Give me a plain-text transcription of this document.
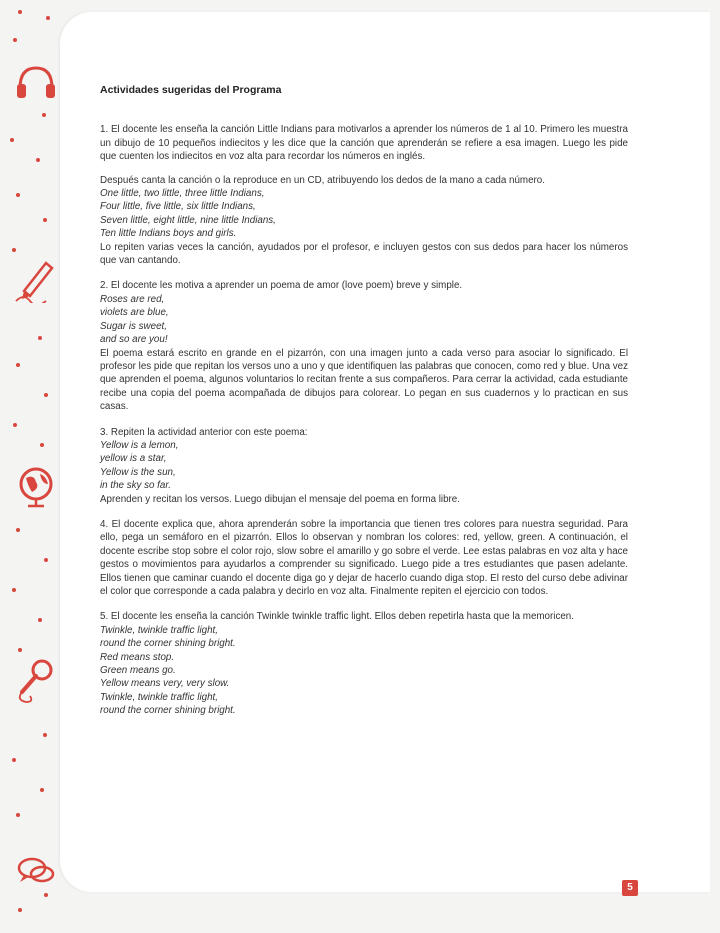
Actividades sugeridas del Programa

1. El docente les enseña la canción Little Indians para motivarlos a aprender los números de 1 al 10. Primero les muestra un dibujo de 10 pequeños indiecitos y les dice que la canción que aprenderán se refiere a esa imagen. Luego les pide que cuenten los indiecitos en voz alta para recordar los números en inglés.

Después canta la canción o la reproduce en un CD, atribuyendo los dedos de la mano a cada número.

One little, two little, three little Indians,

Four little, five little, six little Indians,

Seven little, eight little, nine little Indians,

Ten little Indians boys and girls.

Lo repiten varias veces la canción, ayudados por el profesor, e incluyen gestos con sus dedos para hacer los números que van cantando.

2. El docente les motiva a aprender un poema de amor (love poem) breve y simple.

Roses are red,

violets are blue,

Sugar is sweet,

and so are you!

El poema estará escrito en grande en el pizarrón, con una imagen junto a cada verso para asociar lo significado. El profesor les pide que repitan los versos uno a uno y que identifiquen las palabras que conocen, como red y blue. Una vez que aprenden el poema, algunos voluntarios lo recitan frente a sus compañeros. Para cerrar la actividad, cada estudiante recibe una copia del poema acompañada de dibujos para colorear. Lo pegan en sus cuadernos y lo practican en sus casas.

3. Repiten la actividad anterior con este poema:

Yellow is a lemon,

yellow is a star,

Yellow is the sun,

in the sky so far.

Aprenden y recitan los versos. Luego dibujan el mensaje del poema en forma libre.

4. El docente explica que, ahora aprenderán sobre la importancia que tienen tres colores para nuestra seguridad. Para ello, pega un semáforo en el pizarrón. Ellos lo observan y nombran los colores: red, yellow, green. A continuación, el docente escribe stop sobre el color rojo, slow sobre el amarillo y go sobre el verde. Lee estas palabras en voz alta y hace gestos o movimientos para ayudarlos a comprender su significado. Luego pide a tres estudiantes que pasen adelante. Ellos tienen que caminar cuando el docente diga go y dejar de hacerlo cuando diga stop. El resto del curso debe adivinar el color que corresponde a cada palabra y decirlo en voz alta. Finalmente repiten el ejercicio con todos.

5. El docente les enseña la canción Twinkle twinkle traffic light. Ellos deben repetirla hasta que la memoricen.

Twinkle, twinkle traffic light,

round the corner shining bright.

Red means stop.

Green means go.

Yellow means very, very slow.

Twinkle, twinkle traffic light,

round the corner shining bright.

5
